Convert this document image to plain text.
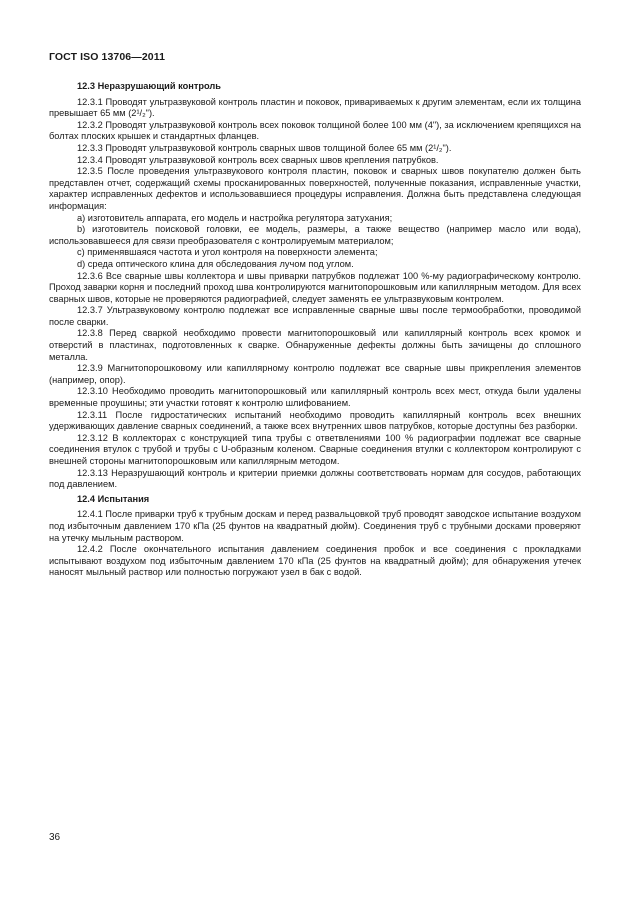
ГОСТ ISO 13706—2011

12.3 Неразрушающий контроль

12.3.1 Проводят ультразвуковой контроль пластин и поковок, привариваемых к другим элементам, если их толщина превышает 65 мм (2¹/₂").

12.3.2 Проводят ультразвуковой контроль всех поковок толщиной более 100 мм (4"), за исключением крепящихся на болтах плоских крышек и стандартных фланцев.

12.3.3 Проводят ультразвуковой контроль сварных швов толщиной более 65 мм (2¹/₂").

12.3.4 Проводят ультразвуковой контроль всех сварных швов крепления патрубков.

12.3.5 После проведения ультразвукового контроля пластин, поковок и сварных швов покупателю должен быть представлен отчет, содержащий схемы просканированных поверхностей, полученные показания, исправленные участки, характер исправленных дефектов и использовавшиеся процедуры исправления. Должна быть представлена следующая информация:

a) изготовитель аппарата, его модель и настройка регулятора затухания;

b) изготовитель поисковой головки, ее модель, размеры, а также вещество (например масло или вода), использовавшееся для связи преобразователя с контролируемым материалом;

c) применявшаяся частота и угол контроля на поверхности элемента;

d) среда оптического клина для обследования лучом под углом.

12.3.6 Все сварные швы коллектора и швы приварки патрубков подлежат 100 %-му радиографическому контролю. Проход заварки корня и последний проход шва контролируются магнитопорошковым или капиллярным методом. Для всех сварных швов, которые не проверяются радиографией, следует заменять ее ультразвуковым контролем.

12.3.7 Ультразвуковому контролю подлежат все исправленные сварные швы после термообработки, проводимой после сварки.

12.3.8 Перед сваркой необходимо провести магнитопорошковый или капиллярный контроль всех кромок и отверстий в пластинах, подготовленных к сварке. Обнаруженные дефекты должны быть зачищены до сплошного металла.

12.3.9 Магнитопорошковому или капиллярному контролю подлежат все сварные швы прикрепления элементов (например, опор).

12.3.10 Необходимо проводить магнитопорошковый или капиллярный контроль всех мест, откуда были удалены временные проушины; эти участки готовят к контролю шлифованием.

12.3.11 После гидростатических испытаний необходимо проводить капиллярный контроль всех внешних удерживающих давление сварных соединений, а также всех внутренних швов патрубков, которые доступны без разборки.

12.3.12 В коллекторах с конструкцией типа трубы с ответвлениями 100 % радиографии подлежат все сварные соединения втулок с трубой и трубы с U-образным коленом. Сварные соединения втулки с коллектором контролируют с внешней стороны магнитопорошковым или капиллярным методом.

12.3.13 Неразрушающий контроль и критерии приемки должны соответствовать нормам для сосудов, работающих под давлением.

12.4 Испытания

12.4.1 После приварки труб к трубным доскам и перед развальцовкой труб проводят заводское испытание воздухом под избыточным давлением 170 кПа (25 фунтов на квадратный дюйм). Соединения труб с трубными досками проверяют на утечку мыльным раствором.

12.4.2 После окончательного испытания давлением соединения пробок и все соединения с прокладками испытывают воздухом под избыточным давлением 170 кПа (25 фунтов на квадратный дюйм); для обнаружения утечек наносят мыльный раствор или полностью погружают узел в бак с водой.

36
